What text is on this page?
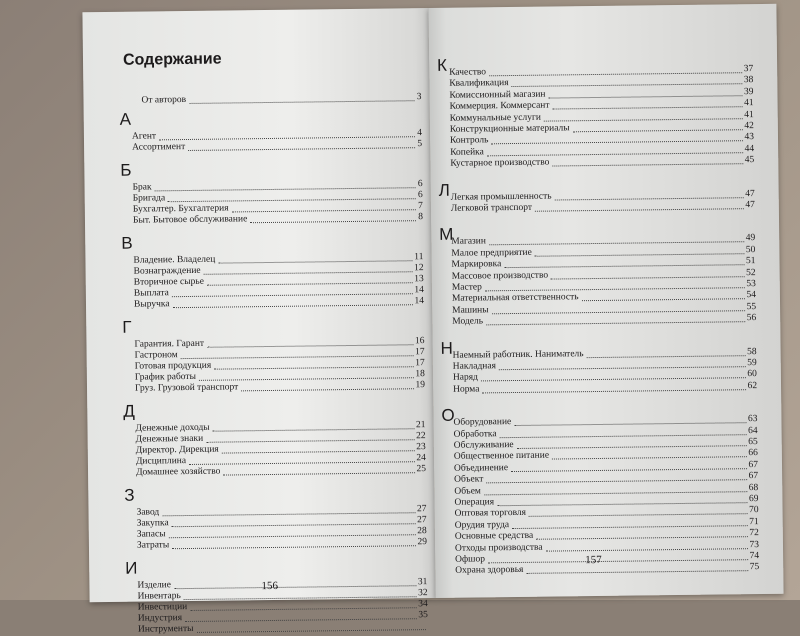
Содержание
От авторов	3
А
Агент	4
Ассортимент	5
Б
Брак	6
Бригада	6
Бухгалтер. Бухгалтерия	7
Быт. Бытовое обслуживание	8
В
Владение. Владелец	11
Вознаграждение	12
Вторичное сырье	13
Выплата	14
Выручка	14
Г
Гарантия. Гарант	16
Гастроном	17
Готовая продукция	17
График работы	18
Груз. Грузовой транспорт	19
Д
Денежные доходы	21
Денежные знаки	22
Директор. Дирекция	23
Дисциплина	24
Домашнее хозяйство	25
З
Завод	27
Закупка	27
Запасы	28
Затраты	29
И
Изделие	31
Инвентарь	32
Инвестиции	34
Индустрия	35
Инструменты
156
К Качество	37
Квалификация	38
Комиссионный магазин	39
Коммерция. Коммерсант	41
Коммунальные услуги	41
Конструкционные материалы	42
Контроль	43
Копейка	44
Кустарное производство	45
Л Легкая промышленность	47
Легковой транспорт	47
М
Магазин	49
Малое предприятие	50
Маркировка	51
Массовое производство	52
Мастер	53
Материальная ответственность	54
Машины	55
Модель	56
Н Наемный работник. Наниматель	58
Накладная	59
Наряд	60
Норма	62
О
Оборудование	63
Обработка	64
Обслуживание	65
Общественное питание	66
Объединение	67
Объект	67
Объем	68
Операция	69
Оптовая торговля	70
Орудия труда	71
Основные средства	72
Отходы производства	73
Офшор	74
Охрана здоровья	75
157
